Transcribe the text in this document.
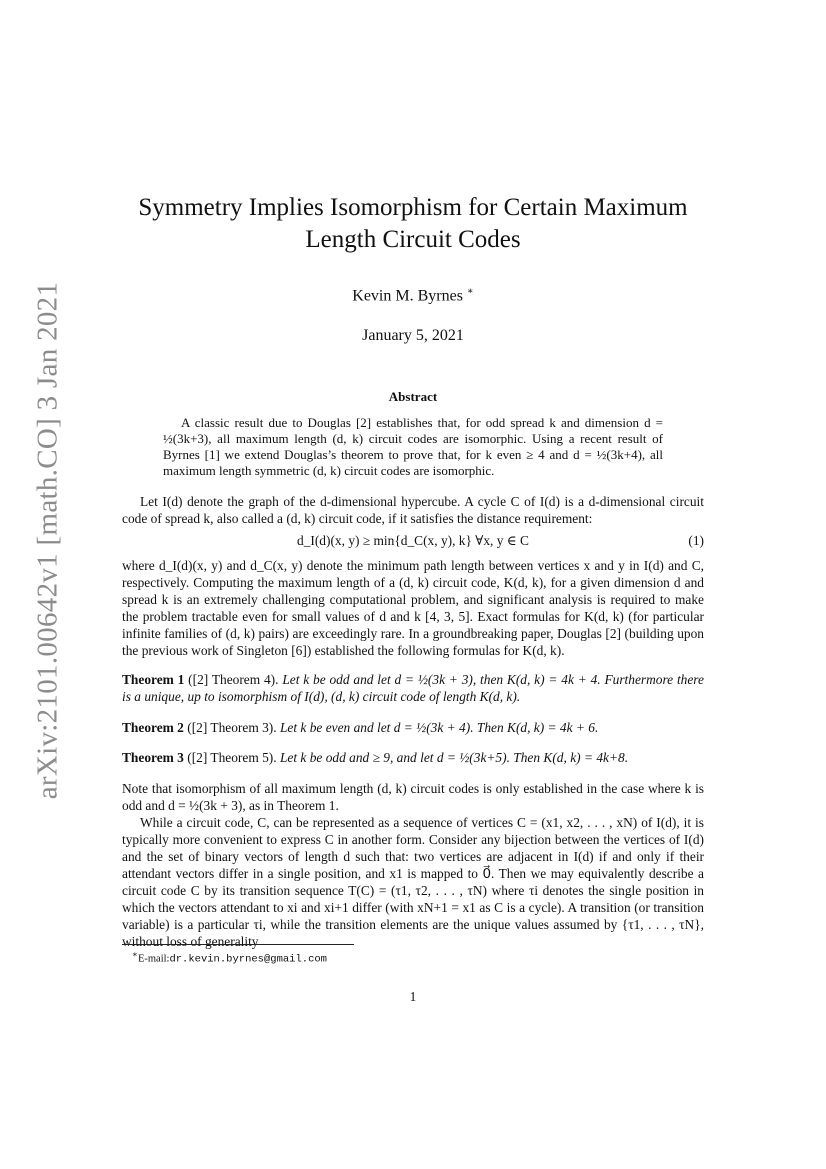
arXiv:2101.00642v1 [math.CO] 3 Jan 2021
Symmetry Implies Isomorphism for Certain Maximum
Length Circuit Codes
Kevin M. Byrnes ∗
January 5, 2021
Abstract

A classic result due to Douglas [2] establishes that, for odd spread k and dimension d = ½(3k+3), all maximum length (d, k) circuit codes are isomorphic. Using a recent result of Byrnes [1] we extend Douglas’s theorem to prove that, for k even ≥ 4 and d = ½(3k+4), all maximum length symmetric (d, k) circuit codes are isomorphic.

Let I(d) denote the graph of the d-dimensional hypercube. A cycle C of I(d) is a d-dimensional circuit code of spread k, also called a (d, k) circuit code, if it satisfies the distance requirement:

d_I(d)(x, y) ≥ min{d_C(x, y), k} ∀x, y ∈ C	(1)

where d_I(d)(x, y) and d_C(x, y) denote the minimum path length between vertices x and y in I(d) and C, respectively. Computing the maximum length of a (d, k) circuit code, K(d, k), for a given dimension d and spread k is an extremely challenging computational problem, and significant analysis is required to make the problem tractable even for small values of d and k [4, 3, 5]. Exact formulas for K(d, k) (for particular infinite families of (d, k) pairs) are exceedingly rare. In a groundbreaking paper, Douglas [2] (building upon the previous work of Singleton [6]) established the following formulas for K(d, k).

Theorem 1 ([2] Theorem 4). Let k be odd and let d = ½(3k + 3), then K(d, k) = 4k + 4. Furthermore there is a unique, up to isomorphism of I(d), (d, k) circuit code of length K(d, k).

Theorem 2 ([2] Theorem 3). Let k be even and let d = ½(3k + 4). Then K(d, k) = 4k + 6.

Theorem 3 ([2] Theorem 5). Let k be odd and ≥ 9, and let d = ½(3k+5). Then K(d, k) = 4k+8.

Note that isomorphism of all maximum length (d, k) circuit codes is only established in the case where k is odd and d = ½(3k + 3), as in Theorem 1.

While a circuit code, C, can be represented as a sequence of vertices C = (x1, x2, . . . , xN) of I(d), it is typically more convenient to express C in another form. Consider any bijection between the vertices of I(d) and the set of binary vectors of length d such that: two vertices are adjacent in I(d) if and only if their attendant vectors differ in a single position, and x1 is mapped to 0⃗. Then we may equivalently describe a circuit code C by its transition sequence T(C) = (τ1, τ2, . . . , τN) where τi denotes the single position in which the vectors attendant to xi and xi+1 differ (with xN+1 = x1 as C is a cycle). A transition (or transition variable) is a particular τi, while the transition elements are the unique values assumed by {τ1, . . . , τN}, without loss of generality

∗E-mail:dr.kevin.byrnes@gmail.com
1
